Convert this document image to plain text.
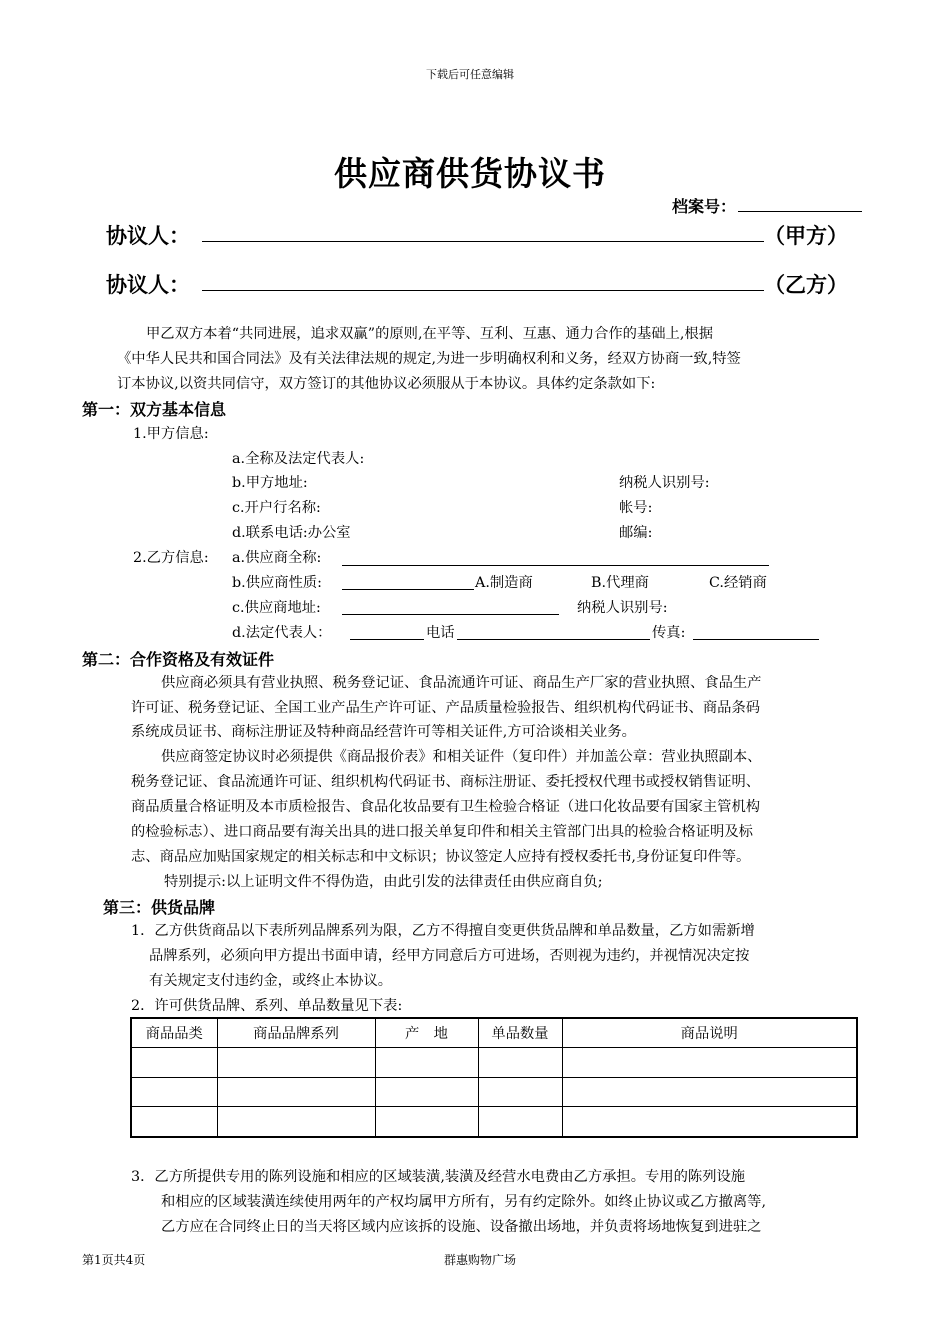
下载后可任意编辑
供应商供货协议书
档案号：
协议人：	（甲方）
协议人：	（乙方）
甲乙双方本着“共同进展，追求双赢”的原则,在平等、互利、互惠、通力合作的基础上,根据
《中华人民共和国合同法》及有关法律法规的规定,为进一步明确权利和义务，经双方协商一致,特签
订本协议,以资共同信守，双方签订的其他协议必须服从于本协议。具体约定条款如下:
第一：双方基本信息
1.甲方信息:
a.全称及法定代表人:
b.甲方地址:	纳税人识别号:
c.开户行名称:	帐号:
d.联系电话:办公室	邮编:
2.乙方信息: a.供应商全称:
b.供应商性质:	A.制造商	B.代理商	C.经销商
c.供应商地址:	纳税人识别号:
d.法定代表人：	电话	传真:
第二：合作资格及有效证件
供应商必须具有营业执照、税务登记证、食品流通许可证、商品生产厂家的营业执照、食品生产
许可证、税务登记证、全国工业产品生产许可证、产品质量检验报告、组织机构代码证书、商品条码
系统成员证书、商标注册证及特种商品经营许可等相关证件,方可洽谈相关业务。
供应商签定协议时必须提供《商品报价表》和相关证件（复印件）并加盖公章：营业执照副本、
税务登记证、食品流通许可证、组织机构代码证书、商标注册证、委托授权代理书或授权销售证明、
商品质量合格证明及本市质检报告、食品化妆品要有卫生检验合格证（进口化妆品要有国家主管机构
的检验标志）、进口商品要有海关出具的进口报关单复印件和相关主管部门出具的检验合格证明及标
志、商品应加贴国家规定的相关标志和中文标识；协议签定人应持有授权委托书,身份证复印件等。
特别提示:以上证明文件不得伪造，由此引发的法律责任由供应商自负;
第三：供货品牌
1．乙方供货商品以下表所列品牌系列为限，乙方不得擅自变更供货品牌和单品数量，乙方如需新增
品牌系列，必须向甲方提出书面申请，经甲方同意后方可进场，否则视为违约，并视情况决定按
有关规定支付违约金，或终止本协议。
2．许可供货品牌、系列、单品数量见下表:
商品品类	商品品牌系列	产　地	单品数量	商品说明

3．乙方所提供专用的陈列设施和相应的区域装潢,装潢及经营水电费由乙方承担。专用的陈列设施
和相应的区域装潢连续使用两年的产权均属甲方所有，另有约定除外。如终止协议或乙方撤离等,
乙方应在合同终止日的当天将区域内应该拆的设施、设备撤出场地，并负责将场地恢复到进驻之
第1页共4页	群惠购物广场
